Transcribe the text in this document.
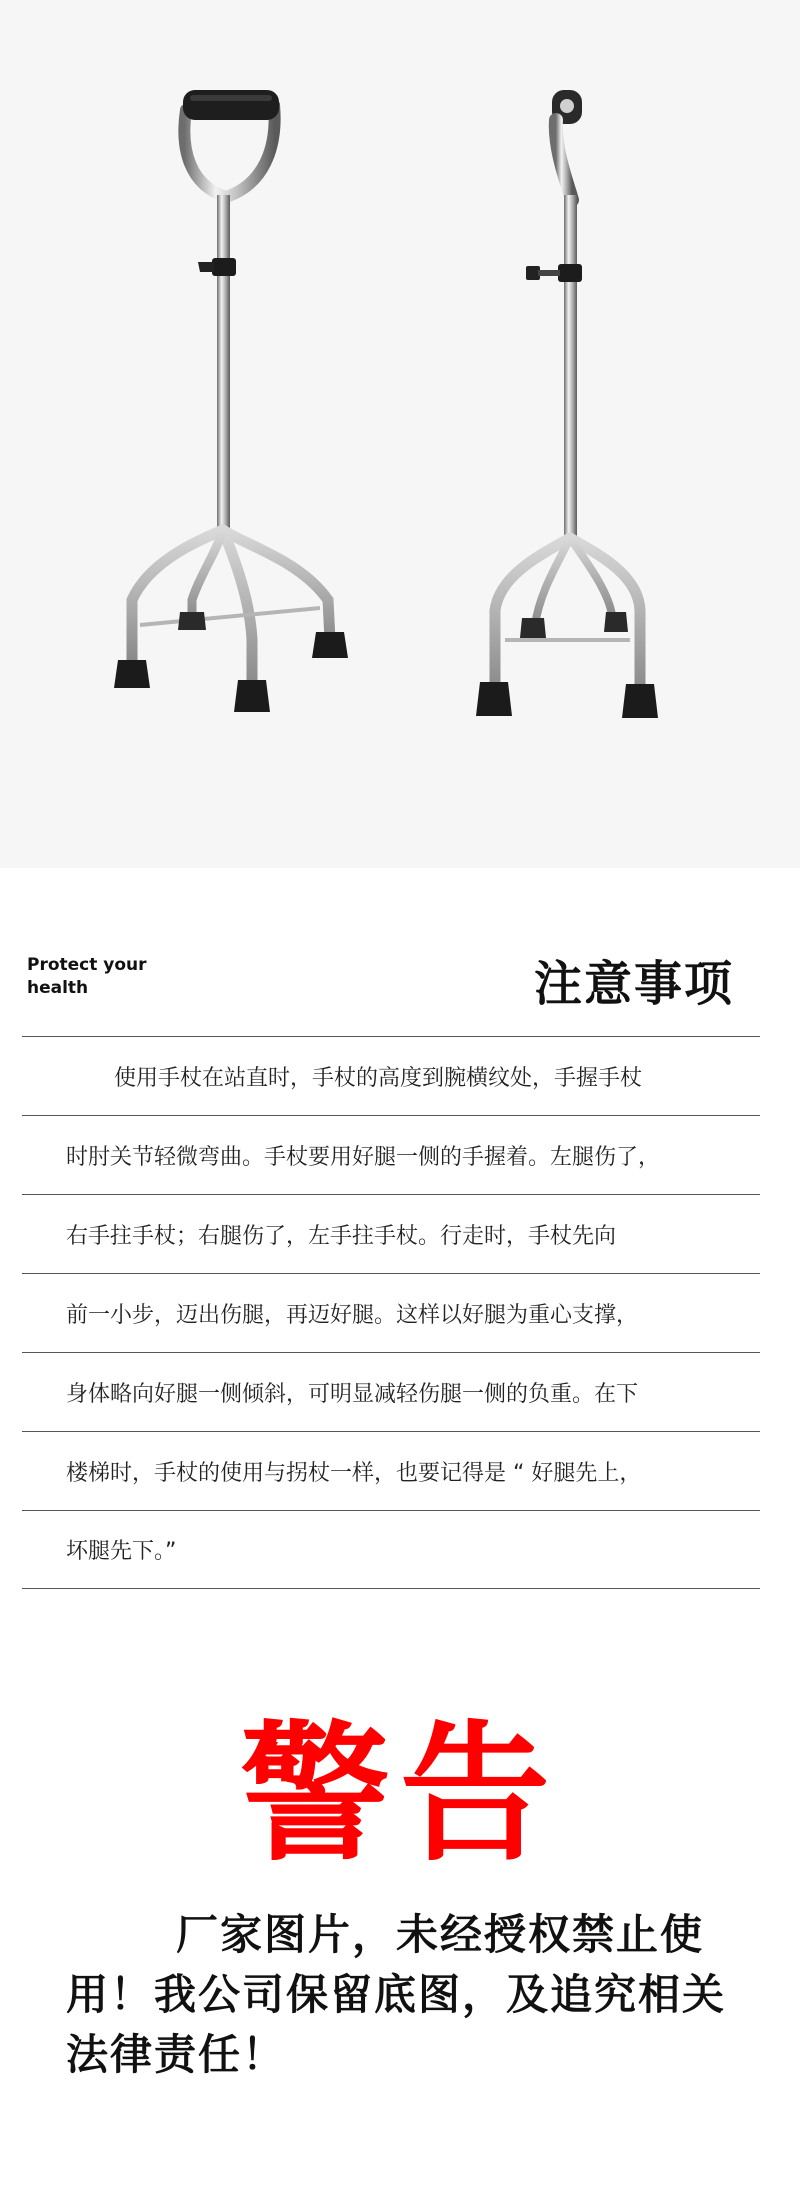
Protect your health	注意事项
使用手杖在站直时，手杖的高度到腕横纹处，手握手杖
时肘关节轻微弯曲。手杖要用好腿一侧的手握着。左腿伤了，
右手拄手杖；右腿伤了，左手拄手杖。行走时，手杖先向
前一小步，迈出伤腿，再迈好腿。这样以好腿为重心支撑，
身体略向好腿一侧倾斜，可明显减轻伤腿一侧的负重。在下
楼梯时，手杖的使用与拐杖一样，也要记得是 “ 好腿先上，
坏腿先下。”
警告
厂家图片，未经授权禁止使用！我公司保留底图，及追究相关法律责任！
